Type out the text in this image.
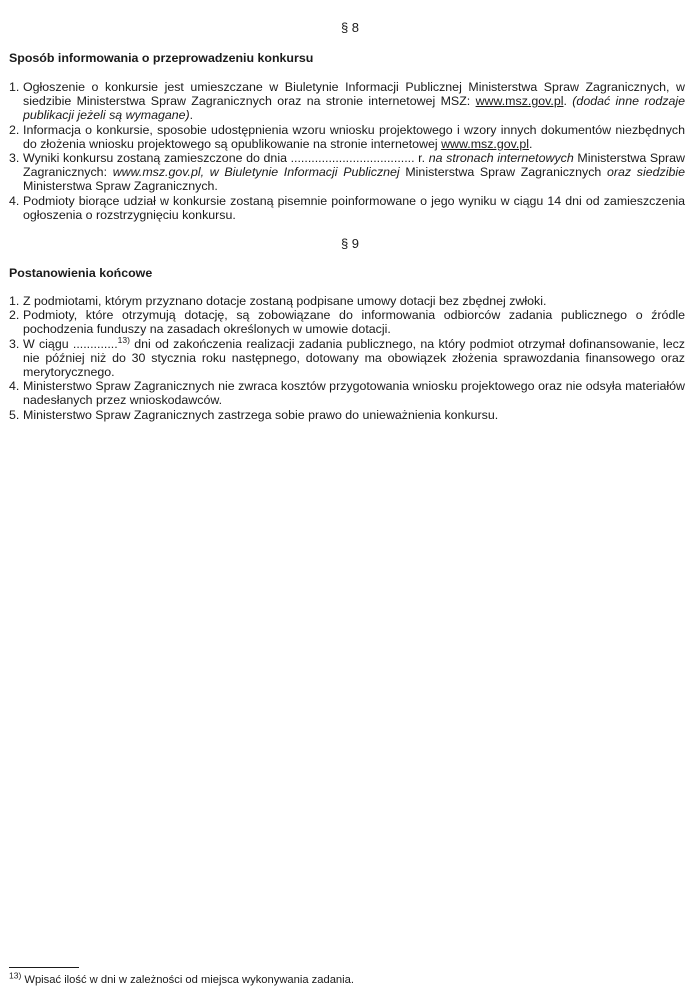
§ 8
Sposób informowania o przeprowadzeniu konkursu
1. Ogłoszenie o konkursie jest umieszczane w Biuletynie Informacji Publicznej Ministerstwa Spraw Zagranicznych, w siedzibie Ministerstwa Spraw Zagranicznych oraz na stronie internetowej MSZ: www.msz.gov.pl. (dodać inne rodzaje publikacji jeżeli są wymagane).
2. Informacja o konkursie, sposobie udostępnienia wzoru wniosku projektowego i wzory innych dokumentów niezbędnych do złożenia wniosku projektowego są opublikowanie na stronie internetowej www.msz.gov.pl.
3. Wyniki konkursu zostaną zamieszczone do dnia .................................... r. na stronach internetowych Ministerstwa Spraw Zagranicznych: www.msz.gov.pl, w Biuletynie Informacji Publicznej Ministerstwa Spraw Zagranicznych oraz siedzibie Ministerstwa Spraw Zagranicznych.
4. Podmioty biorące udział w konkursie zostaną pisemnie poinformowane o jego wyniku w ciągu 14 dni od zamieszczenia ogłoszenia o rozstrzygnięciu konkursu.
§ 9
Postanowienia końcowe
1. Z podmiotami, którym przyznano dotacje zostaną podpisane umowy dotacji bez zbędnej zwłoki.
2. Podmioty, które otrzymują dotację, są zobowiązane do informowania odbiorców zadania publicznego o źródle pochodzenia funduszy na zasadach określonych w umowie dotacji.
3. W ciągu .............$^{13)}$ dni od zakończenia realizacji zadania publicznego, na który podmiot otrzymał dofinansowanie, lecz nie później niż do 30 stycznia roku następnego, dotowany ma obowiązek złożenia sprawozdania finansowego oraz merytorycznego.
4. Ministerstwo Spraw Zagranicznych nie zwraca kosztów przygotowania wniosku projektowego oraz nie odsyła materiałów nadesłanych przez wnioskodawców.
5. Ministerstwo Spraw Zagranicznych zastrzega sobie prawo do unieważnienia konkursu.
$^{13)}$ Wpisać ilość w dni w zależności od miejsca wykonywania zadania.
